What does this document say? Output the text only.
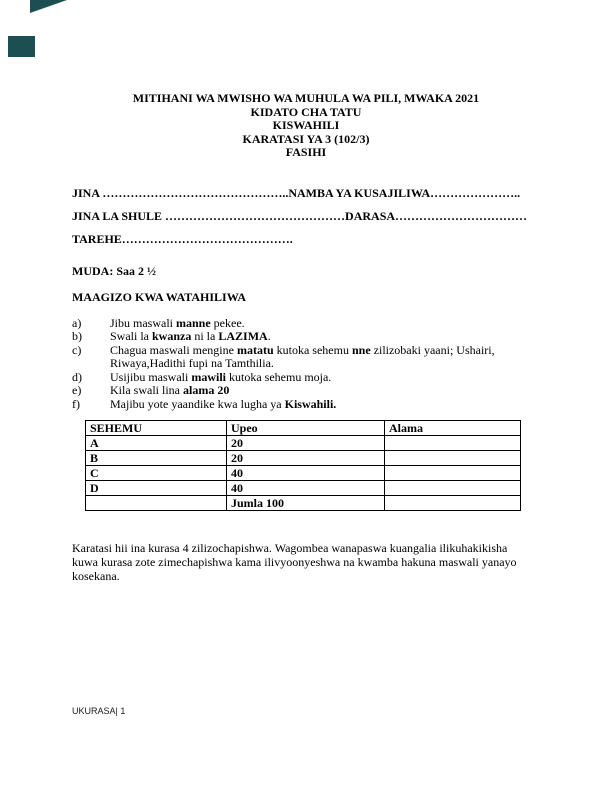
MITIHANI WA MWISHO WA MUHULA WA PILI, MWAKA 2021

KIDATO CHA TATU

KISWAHILI

KARATASI YA 3 (102/3)

FASIHI

JINA ………………………………………..NAMBA YA KUSAJILIWA…………………..

JINA LA SHULE ………………………………………DARASA……………………………

TAREHE…………………………………….

MUDA: Saa 2 ½

MAAGIZO KWA WATAHILIWA

a)	Jibu maswali manne pekee.
b)	Swali la kwanza ni la LAZIMA.
c)	Chagua maswali mengine matatu kutoka sehemu nne zilizobaki yaani; Ushairi, Riwaya,Hadithi fupi na Tamthilia.
d)	Usijibu maswali mawili kutoka sehemu moja.
e)	Kila swali lina alama 20
f)	Majibu yote yaandike kwa lugha ya Kiswahili.
SEHEMU	Upeo	Alama
A	20	
B	20	
C	40	
D	40	
	Jumla 100	

Karatasi hii ina kurasa 4 zilizochapishwa. Wagombea wanapaswa kuangalia ilikuhakikisha kuwa kurasa zote zimechapishwa kama ilivyoonyeshwa na kwamba hakuna maswali yanayo kosekana.

UKURASA| 1
